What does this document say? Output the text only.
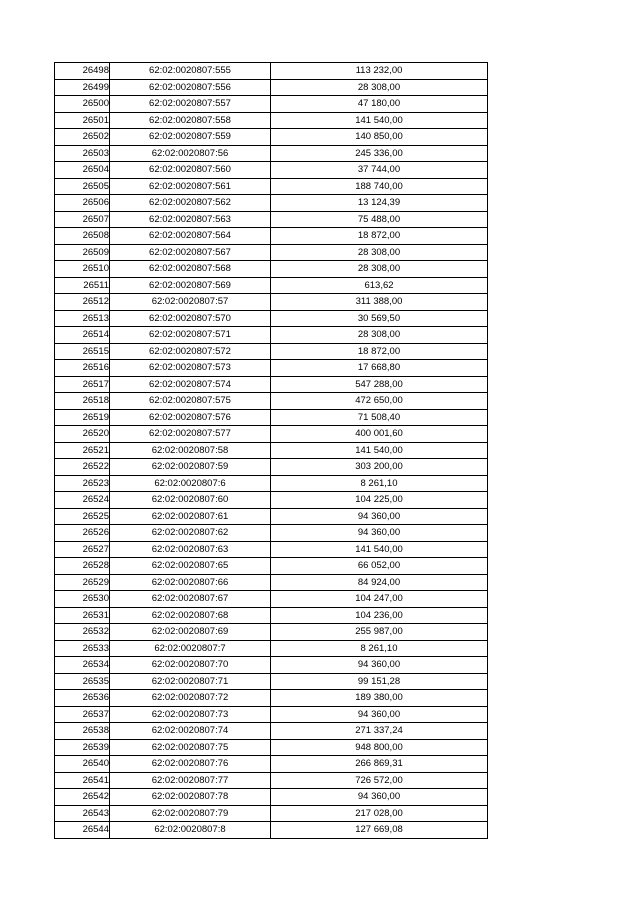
26498	62:02:0020807:555	113 232,00
26499	62:02:0020807:556	28 308,00
26500	62:02:0020807:557	47 180,00
26501	62:02:0020807:558	141 540,00
26502	62:02:0020807:559	140 850,00
26503	62:02:0020807:56	245 336,00
26504	62:02:0020807:560	37 744,00
26505	62:02:0020807:561	188 740,00
26506	62:02:0020807:562	13 124,39
26507	62:02:0020807:563	75 488,00
26508	62:02:0020807:564	18 872,00
26509	62:02:0020807:567	28 308,00
26510	62:02:0020807:568	28 308,00
26511	62:02:0020807:569	613,62
26512	62:02:0020807:57	311 388,00
26513	62:02:0020807:570	30 569,50
26514	62:02:0020807:571	28 308,00
26515	62:02:0020807:572	18 872,00
26516	62:02:0020807:573	17 668,80
26517	62:02:0020807:574	547 288,00
26518	62:02:0020807:575	472 650,00
26519	62:02:0020807:576	71 508,40
26520	62:02:0020807:577	400 001,60
26521	62:02:0020807:58	141 540,00
26522	62:02:0020807:59	303 200,00
26523	62:02:0020807:6	8 261,10
26524	62:02:0020807:60	104 225,00
26525	62:02:0020807:61	94 360,00
26526	62:02:0020807:62	94 360,00
26527	62:02:0020807:63	141 540,00
26528	62:02:0020807:65	66 052,00
26529	62:02:0020807:66	84 924,00
26530	62:02:0020807:67	104 247,00
26531	62:02:0020807:68	104 236,00
26532	62:02:0020807:69	255 987,00
26533	62:02:0020807:7	8 261,10
26534	62:02:0020807:70	94 360,00
26535	62:02:0020807:71	99 151,28
26536	62:02:0020807:72	189 380,00
26537	62:02:0020807:73	94 360,00
26538	62:02:0020807:74	271 337,24
26539	62:02:0020807:75	948 800,00
26540	62:02:0020807:76	266 869,31
26541	62:02:0020807:77	726 572,00
26542	62:02:0020807:78	94 360,00
26543	62:02:0020807:79	217 028,00
26544	62:02:0020807:8	127 669,08
